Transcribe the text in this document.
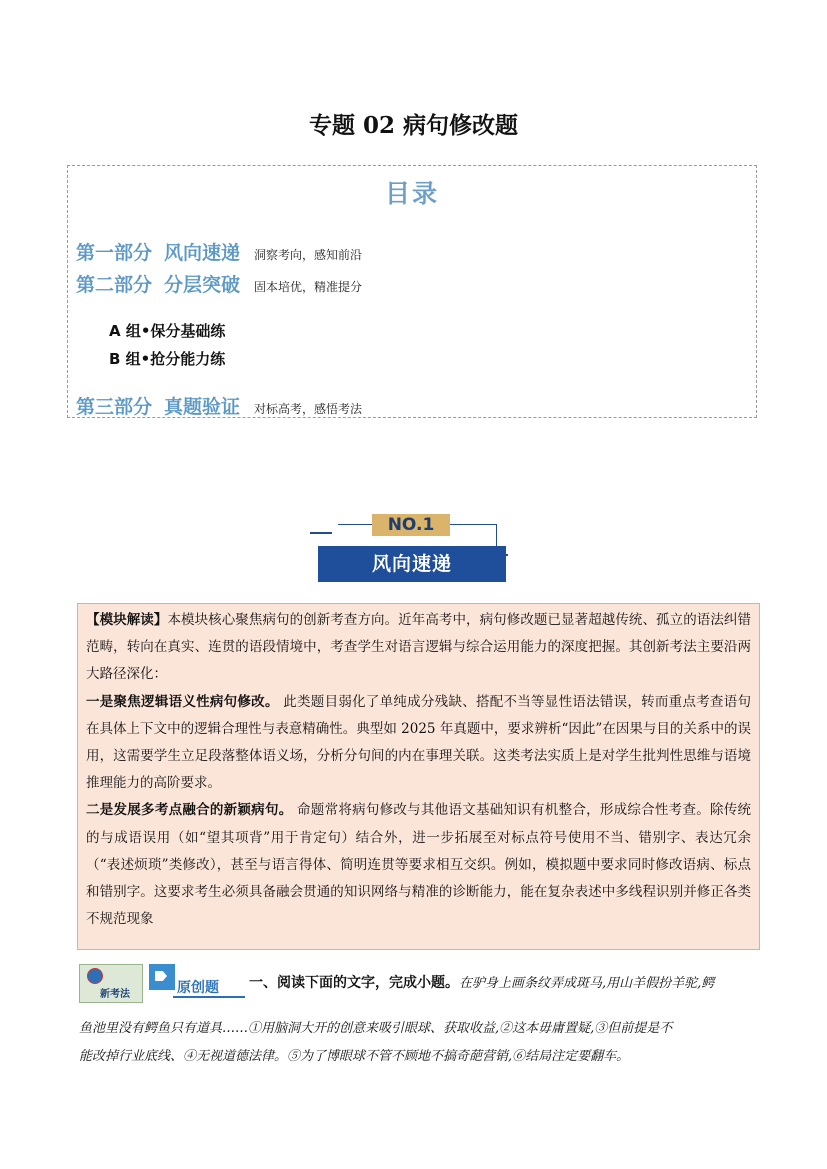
专题 02 病句修改题
目录
第一部分 风向速递 洞察考向，感知前沿
第二部分 分层突破 固本培优，精准提分
A 组•保分基础练
B 组•抢分能力练
第三部分 真题验证 对标高考，感悟考法
NO.1
风向速递

【模块解读】本模块核心聚焦病句的创新考查方向。近年高考中，病句修改题已显著超越传统、孤立的语法纠错范畴，转向在真实、连贯的语段情境中，考查学生对语言逻辑与综合运用能力的深度把握。其创新考法主要沿两大路径深化：

一是聚焦逻辑语义性病句修改。 此类题目弱化了单纯成分残缺、搭配不当等显性语法错误，转而重点考查语句在具体上下文中的逻辑合理性与表意精确性。典型如 2025 年真题中，要求辨析“因此”在因果与目的关系中的误用，这需要学生立足段落整体语义场，分析分句间的内在事理关联。这类考法实质上是对学生批判性思维与语境推理能力的高阶要求。

二是发展多考点融合的新颖病句。 命题常将病句修改与其他语文基础知识有机整合，形成综合性考查。除传统的与成语误用（如“望其项背”用于肯定句）结合外，进一步拓展至对标点符号使用不当、错别字、表达冗余（“表述烦琐”类修改），甚至与语言得体、简明连贯等要求相互交织。例如，模拟题中要求同时修改语病、标点和错别字。这要求考生必须具备融会贯通的知识网络与精准的诊断能力，能在复杂表述中多线程识别并修正各类不规范现象

新考法	原创题 一、阅读下面的文字，完成小题。在驴身上画条纹弄成斑马,用山羊假扮羊驼,鳄
鱼池里没有鳄鱼只有道具……①用脑洞大开的创意来吸引眼球、获取收益,②这本毋庸置疑,③但前提是不
能改掉行业底线、④无视道德法律。⑤为了博眼球不管不顾地不搞奇葩营销,⑥结局注定要翻车。
